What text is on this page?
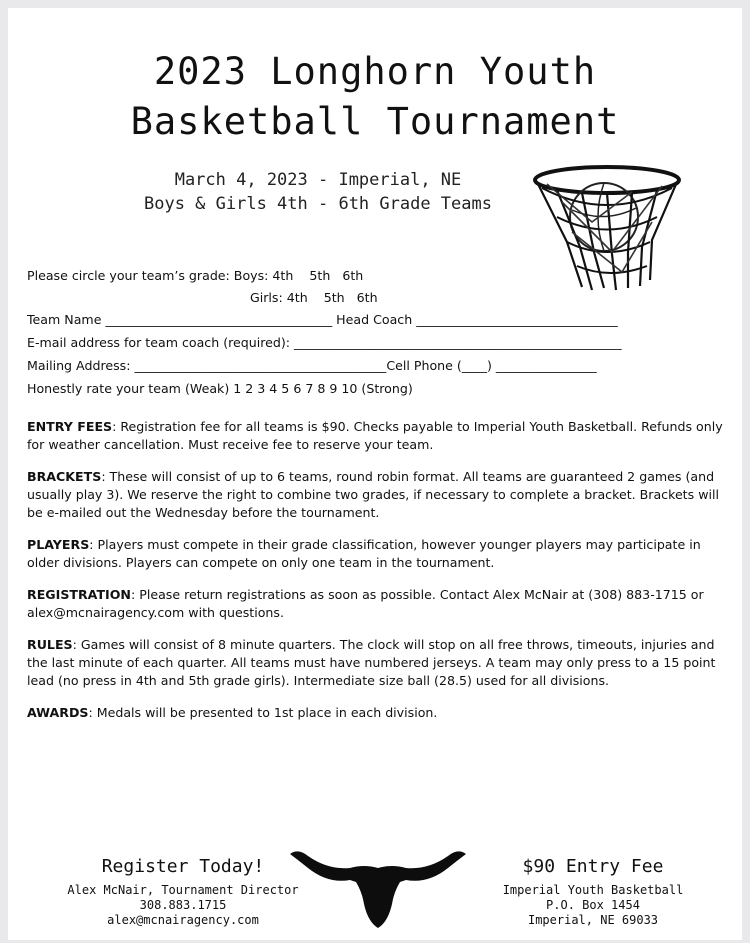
2023 Longhorn Youth
Basketball Tournament
March 4, 2023 - Imperial, NE
Boys & Girls 4th - 6th Grade Teams
Please circle your team’s grade: Boys: 4th 5th 6th
Girls: 4th 5th 6th
Team Name ____________________________________ Head Coach ________________________________
E-mail address for team coach (required): ____________________________________________________
Mailing Address: ________________________________________Cell Phone (____) ________________
Honestly rate your team (Weak) 1 2 3 4 5 6 7 8 9 10 (Strong)

ENTRY FEES: Registration fee for all teams is $90. Checks payable to Imperial Youth Basketball. Refunds only for weather cancellation. Must receive fee to reserve your team.

BRACKETS: These will consist of up to 6 teams, round robin format. All teams are guaranteed 2 games (and usually play 3). We reserve the right to combine two grades, if necessary to complete a bracket. Brackets will be e-mailed out the Wednesday before the tournament.

PLAYERS: Players must compete in their grade classification, however younger players may participate in older divisions. Players can compete on only one team in the tournament.

REGISTRATION: Please return registrations as soon as possible. Contact Alex McNair at (308) 883-1715 or alex@mcnairagency.com with questions.

RULES: Games will consist of 8 minute quarters. The clock will stop on all free throws, timeouts, injuries and the last minute of each quarter. All teams must have numbered jerseys. A team may only press to a 15 point lead (no press in 4th and 5th grade girls). Intermediate size ball (28.5) used for all divisions.

AWARDS: Medals will be presented to 1st place in each division.

Register Today!
Alex McNair, Tournament Director
308.883.1715
alex@mcnairagency.com
$90 Entry Fee
Imperial Youth Basketball
P.O. Box 1454
Imperial, NE 69033
